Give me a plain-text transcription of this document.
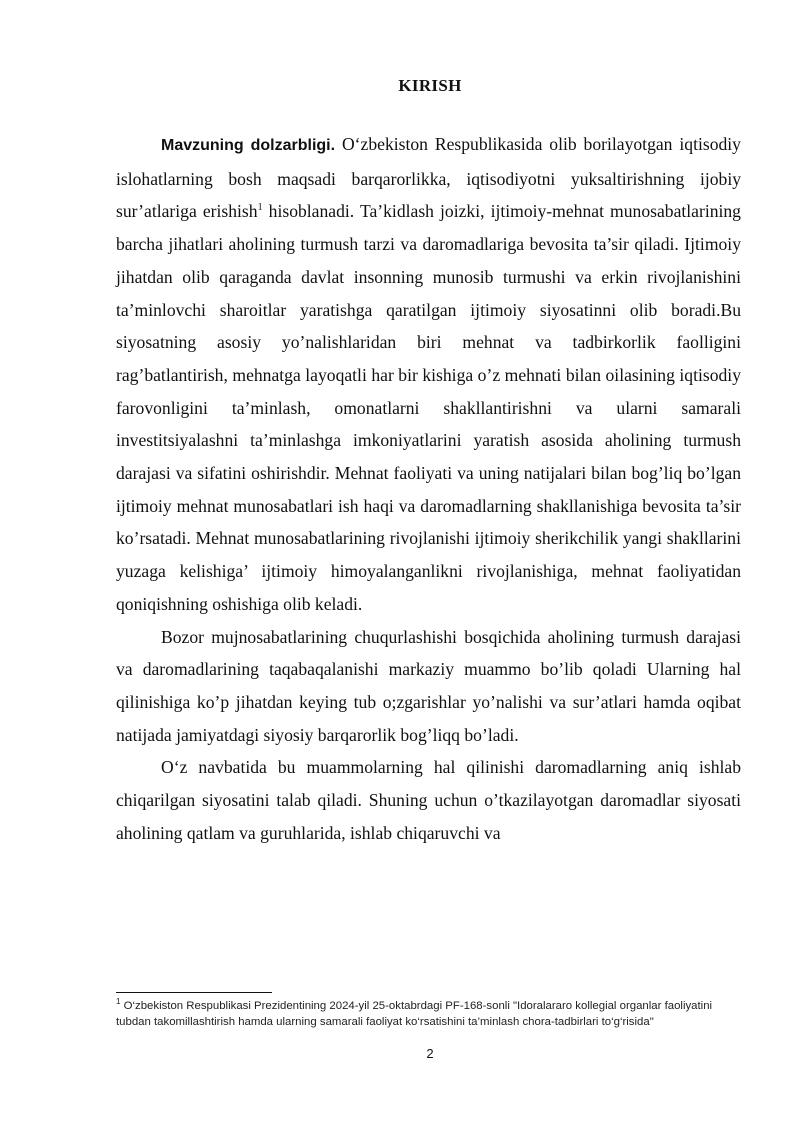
KIRISH

Mavzuning dolzarbligi. O‘zbekiston Respublikasida olib borilayotgan iqtisodiy islohatlarning bosh maqsadi barqarorlikka, iqtisodiyotni yuksaltirishning ijobiy sur’atlariga erishish$^1$ hisoblanadi. Ta’kidlash joizki, ijtimoiy-mehnat munosabatlarining barcha jihatlari aholining turmush tarzi va daromadlariga bevosita ta’sir qiladi. Ijtimoiy jihatdan olib qaraganda davlat insonning munosib turmushi va erkin rivojlanishini ta’minlovchi sharoitlar yaratishga qaratilgan ijtimoiy siyosatinni olib boradi.Bu siyosatning asosiy yo’nalishlaridan biri mehnat va tadbirkorlik faolligini rag’batlantirish, mehnatga layoqatli har bir kishiga o’z mehnati bilan oilasining iqtisodiy farovonligini ta’minlash, omonatlarni shakllantirishni va ularni samarali investitsiyalashni ta’minlashga imkoniyatlarini yaratish asosida aholining turmush darajasi va sifatini oshirishdir. Mehnat faoliyati va uning natijalari bilan bog’liq bo’lgan ijtimoiy mehnat munosabatlari ish haqi va daromadlarning shakllanishiga bevosita ta’sir ko’rsatadi. Mehnat munosabatlarining rivojlanishi ijtimoiy sherikchilik yangi shakllarini yuzaga kelishiga’ ijtimoiy himoyalanganlikni rivojlanishiga, mehnat faoliyatidan qoniqishning oshishiga olib keladi.

Bozor mujnosabatlarining chuqurlashishi bosqichida aholining turmush darajasi va daromadlarining taqabaqalanishi markaziy muammo bo’lib qoladi Ularning hal qilinishiga ko’p jihatdan keying tub o;zgarishlar yo’nalishi va sur’atlari hamda oqibat natijada jamiyatdagi siyosiy barqarorlik bog’liqq bo’ladi.

O‘z navbatida bu muammolarning hal qilinishi daromadlarning aniq ishlab chiqarilgan siyosatini talab qiladi. Shuning uchun o’tkazilayotgan daromadlar siyosati aholining qatlam va guruhlarida, ishlab chiqaruvchi va

$^1$ O‘zbekiston Respublikasi Prezidentining 2024-yil 25-oktabrdagi PF-168-sonli "Idoralararo kollegial organlar faoliyatini tubdan takomillashtirish hamda ularning samarali faoliyat ko‘rsatishini ta’minlash chora-tadbirlari to‘g‘risida"
2
